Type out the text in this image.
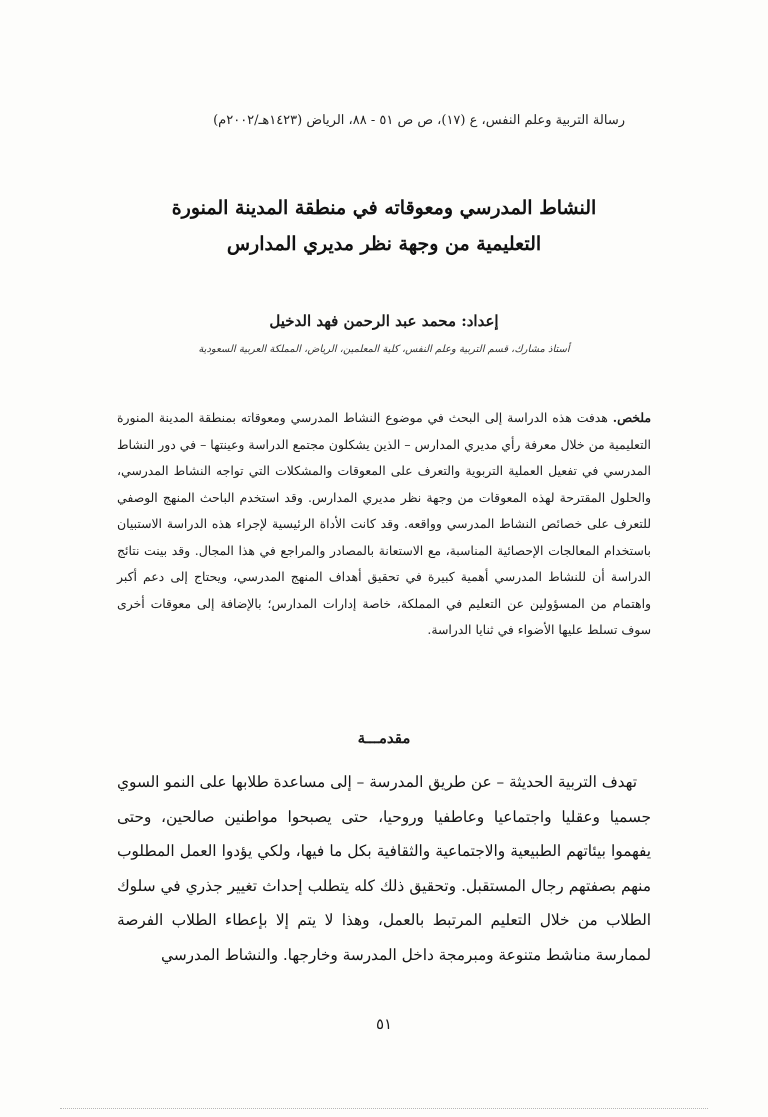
رسالة التربية وعلم النفس، ع (١٧)، ص ص ٥١ - ٨٨، الرياض (١٤٢٣هـ/٢٠٠٢م)
النشاط المدرسي ومعوقاته في منطقة المدينة المنورة
التعليمية من وجهة نظر مديري المدارس
إعداد: محمد عبد الرحمن فهد الدخيل
أستاذ مشارك، قسم التربية وعلم النفس، كلية المعلمين، الرياض، المملكة العربية السعودية
ملخص. هدفت هذه الدراسة إلى البحث في موضوع النشاط المدرسي ومعوقاته بمنطقة المدينة المنورة التعليمية من خلال معرفة رأي مديري المدارس – الذين يشكلون مجتمع الدراسة وعينتها – في دور النشاط المدرسي في تفعيل العملية التربوية والتعرف على المعوقات والمشكلات التي تواجه النشاط المدرسي، والحلول المقترحة لهذه المعوقات من وجهة نظر مديري المدارس. وقد استخدم الباحث المنهج الوصفي للتعرف على خصائص النشاط المدرسي وواقعه. وقد كانت الأداة الرئيسية لإجراء هذه الدراسة الاستبيان باستخدام المعالجات الإحصائية المناسبة، مع الاستعانة بالمصادر والمراجع في هذا المجال. وقد بينت نتائج الدراسة أن للنشاط المدرسي أهمية كبيرة في تحقيق أهداف المنهج المدرسي، ويحتاج إلى دعم أكبر واهتمام من المسؤولين عن التعليم في المملكة، خاصة إدارات المدارس؛ بالإضافة إلى معوقات أخرى سوف تسلط عليها الأضواء في ثنايا الدراسة.
مقدمـــة
تهدف التربية الحديثة – عن طريق المدرسة – إلى مساعدة طلابها على النمو السوي جسميا وعقليا واجتماعيا وعاطفيا وروحيا، حتى يصبحوا مواطنين صالحين، وحتى يفهموا بيئاتهم الطبيعية والاجتماعية والثقافية بكل ما فيها، ولكي يؤدوا العمل المطلوب منهم بصفتهم رجال المستقبل. وتحقيق ذلك كله يتطلب إحداث تغيير جذري في سلوك الطلاب من خلال التعليم المرتبط بالعمل، وهذا لا يتم إلا بإعطاء الطلاب الفرصة لممارسة مناشط متنوعة ومبرمجة داخل المدرسة وخارجها. والنشاط المدرسي
٥١
